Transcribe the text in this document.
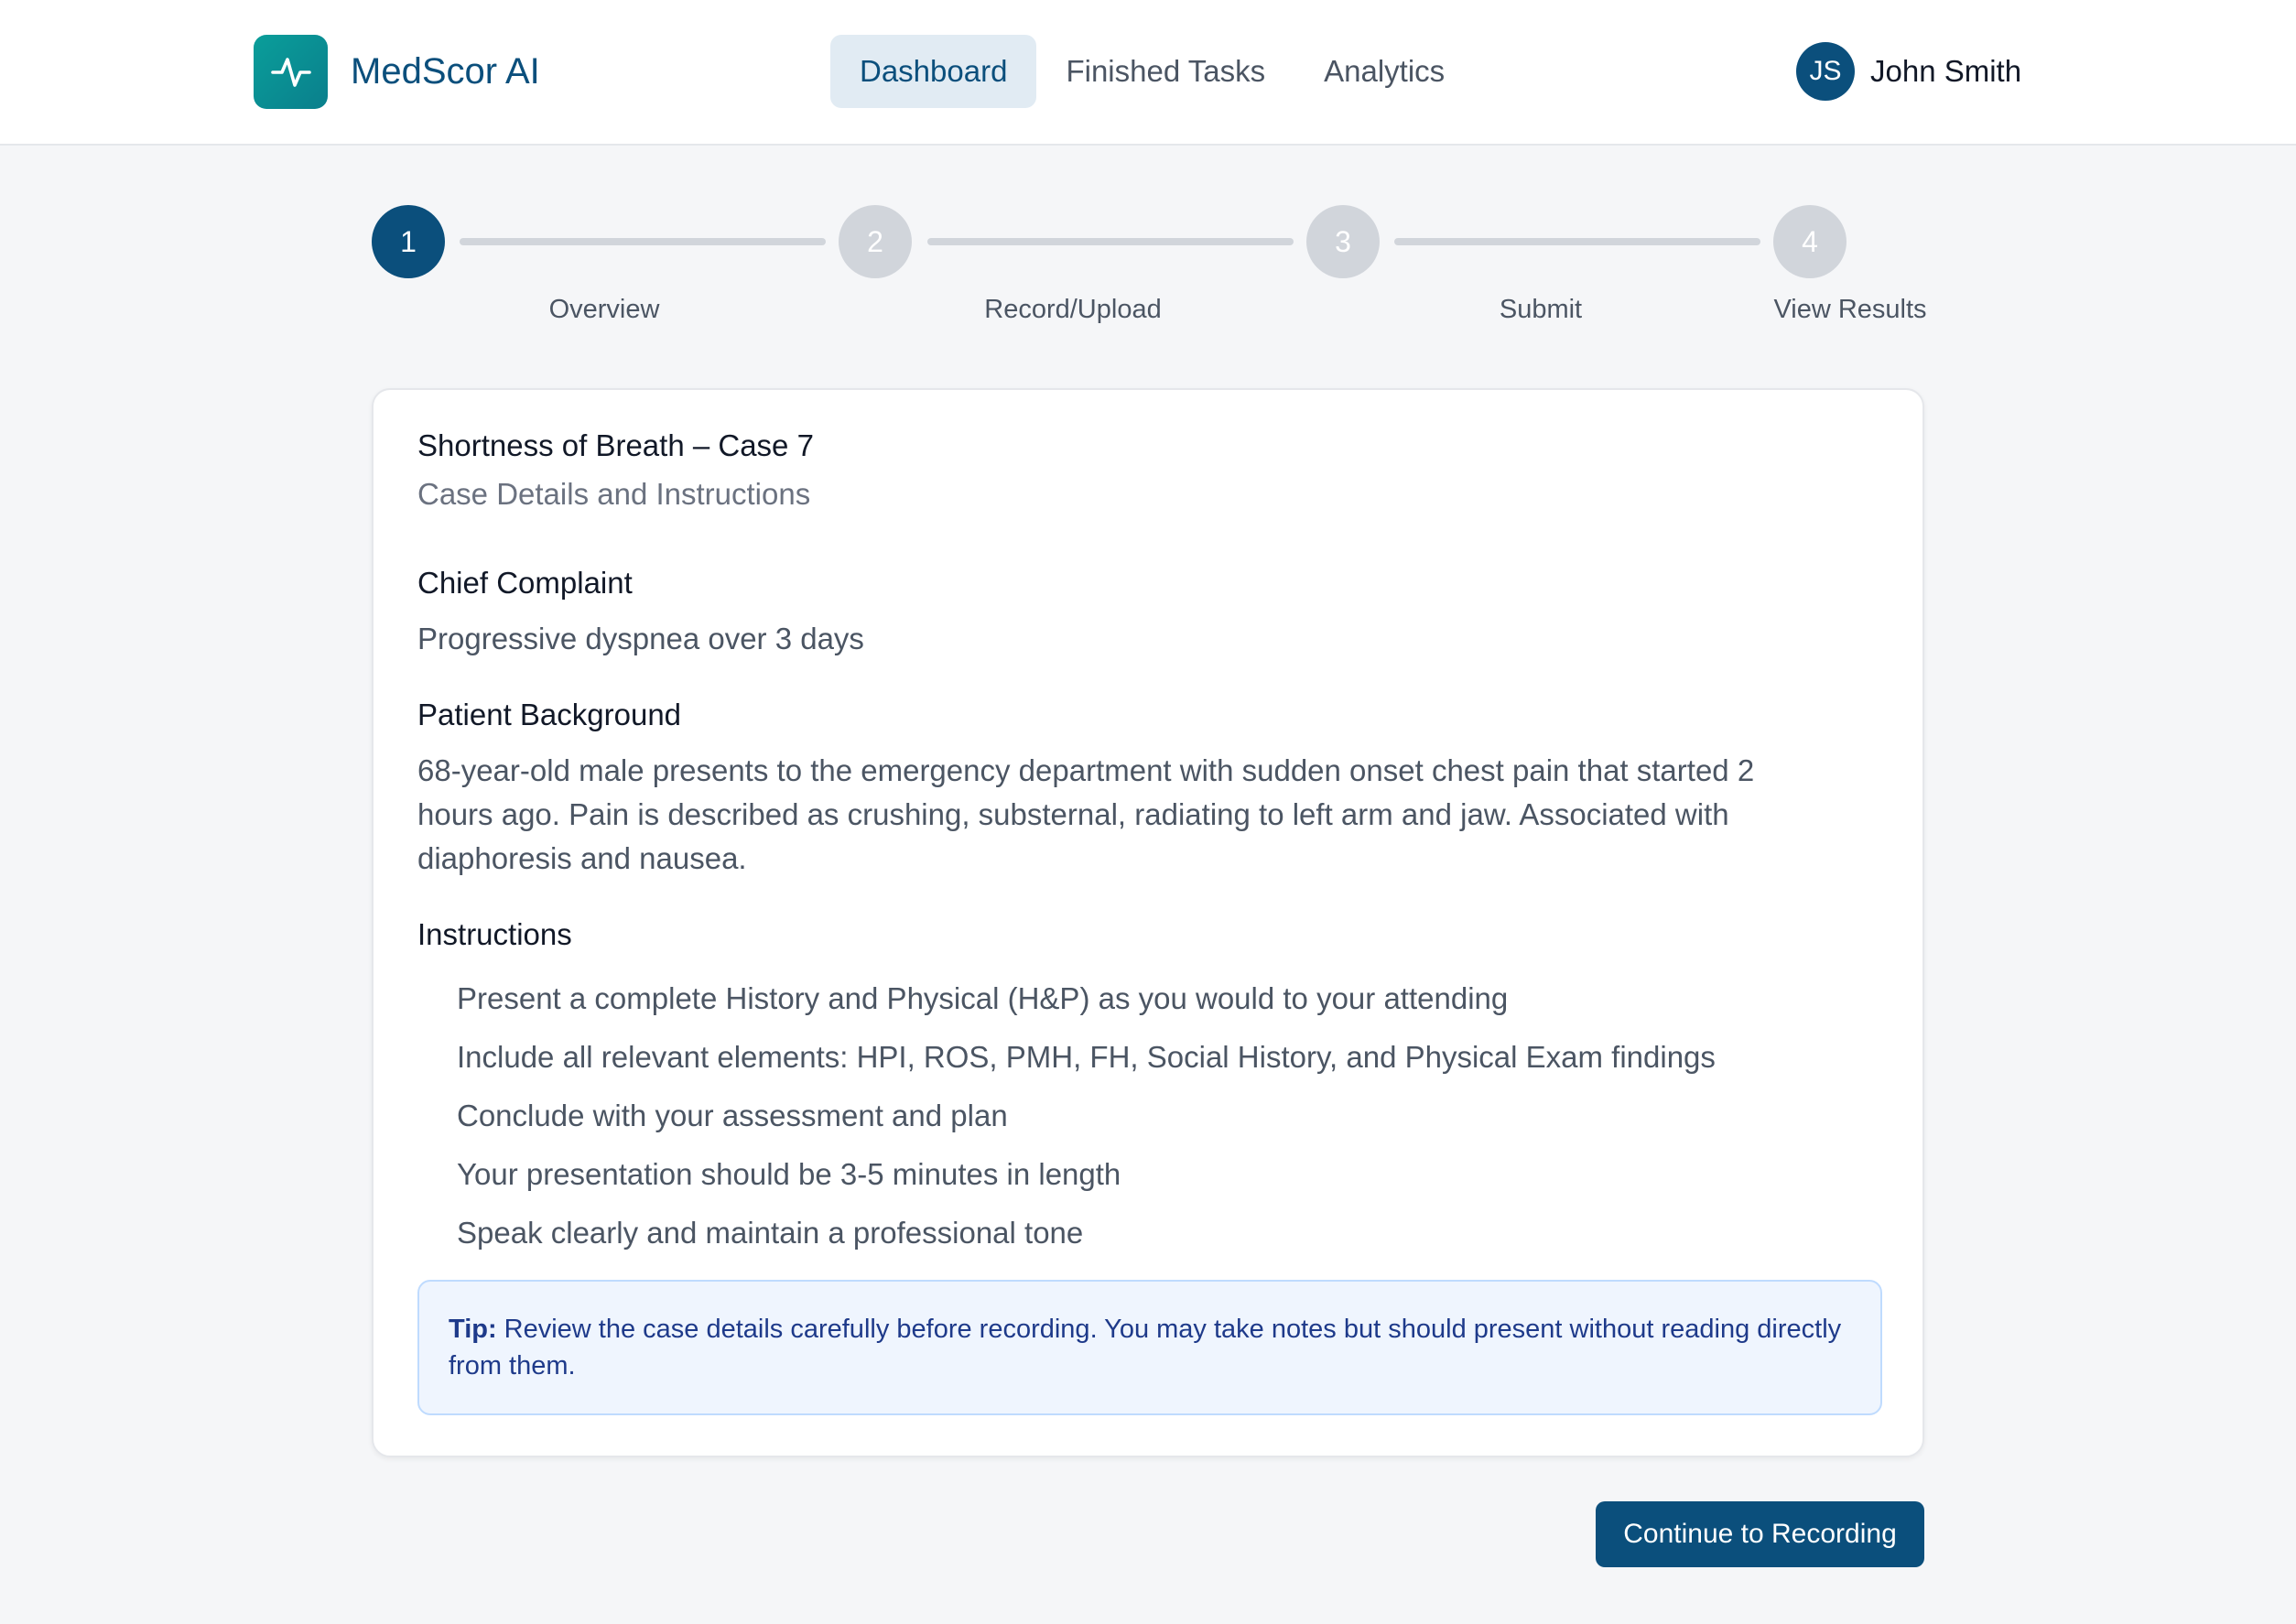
MedScor AI	Dashboard	Finished Tasks	Analytics	JS John Smith
1	2	3	4
Overview	Record/Upload	Submit	View Results
Shortness of Breath – Case 7
Case Details and Instructions
Chief Complaint
Progressive dyspnea over 3 days
Patient Background
68-year-old male presents to the emergency department with sudden onset chest pain that started 2 hours ago. Pain is described as crushing, substernal, radiating to left arm and jaw. Associated with diaphoresis and nausea.
Instructions
Present a complete History and Physical (H&P) as you would to your attending
Include all relevant elements: HPI, ROS, PMH, FH, Social History, and Physical Exam findings
Conclude with your assessment and plan
Your presentation should be 3-5 minutes in length
Speak clearly and maintain a professional tone
Tip: Review the case details carefully before recording. You may take notes but should present without reading directly from them.
Continue to Recording
